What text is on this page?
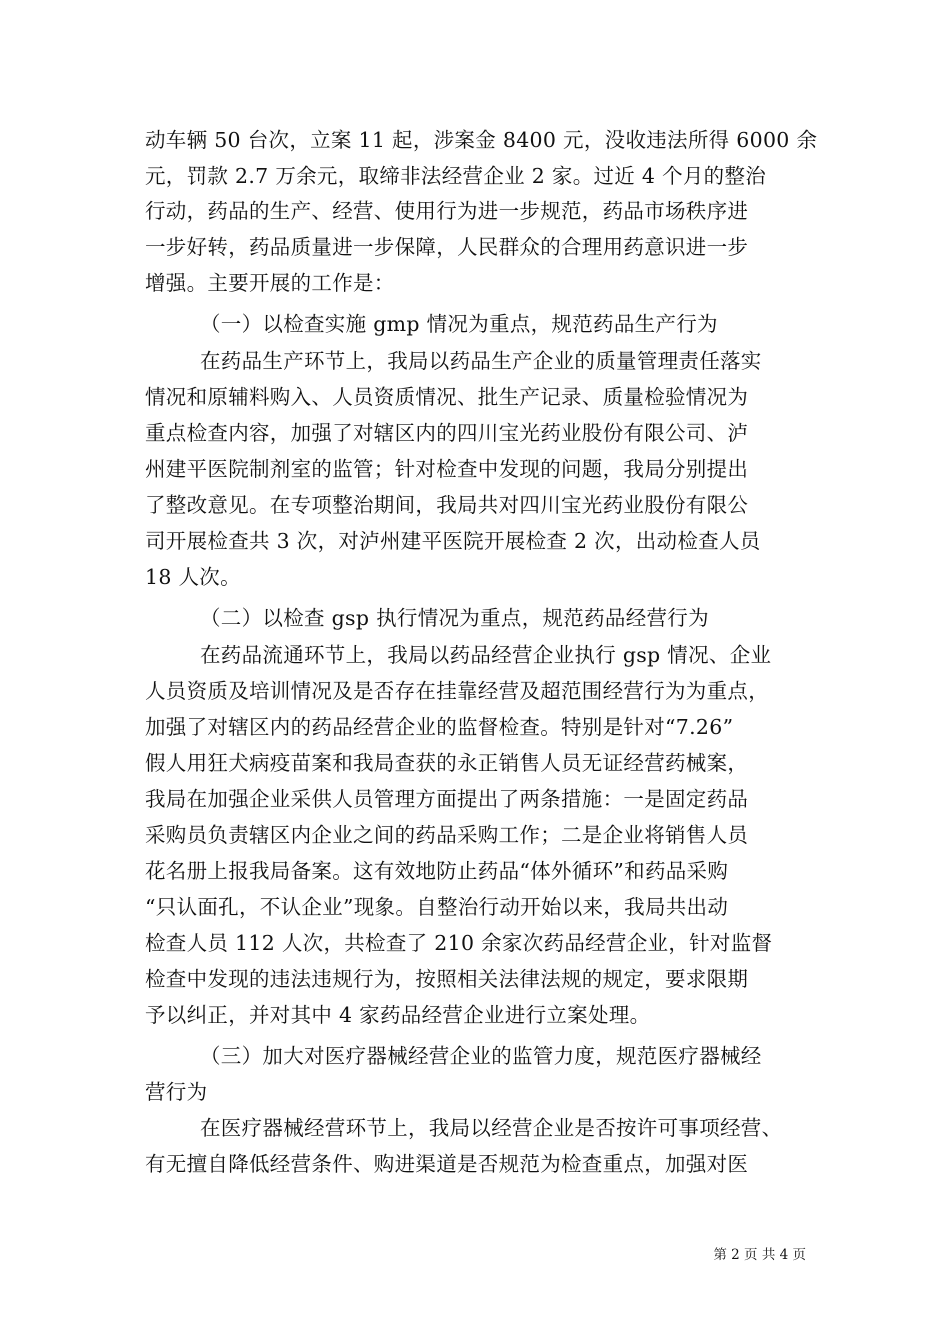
动车辆 50 台次，立案 11 起，涉案金 8400 元，没收违法所得 6000 余
元，罚款 2.7 万余元，取缔非法经营企业 2 家。过近 4 个月的整治
行动，药品的生产、经营、使用行为进一步规范，药品市场秩序进
一步好转，药品质量进一步保障，人民群众的合理用药意识进一步
增强。主要开展的工作是：
（一）以检查实施 gmp 情况为重点，规范药品生产行为
在药品生产环节上，我局以药品生产企业的质量管理责任落实
情况和原辅料购入、人员资质情况、批生产记录、质量检验情况为
重点检查内容，加强了对辖区内的四川宝光药业股份有限公司、泸
州建平医院制剂室的监管；针对检查中发现的问题，我局分别提出
了整改意见。在专项整治期间，我局共对四川宝光药业股份有限公
司开展检查共 3 次，对泸州建平医院开展检查 2 次，出动检查人员
18 人次。
（二）以检查 gsp 执行情况为重点，规范药品经营行为
在药品流通环节上，我局以药品经营企业执行 gsp 情况、企业
人员资质及培训情况及是否存在挂靠经营及超范围经营行为为重点，
加强了对辖区内的药品经营企业的监督检查。特别是针对“7.26”
假人用狂犬病疫苗案和我局查获的永正销售人员无证经营药械案，
我局在加强企业采供人员管理方面提出了两条措施：一是固定药品
采购员负责辖区内企业之间的药品采购工作；二是企业将销售人员
花名册上报我局备案。这有效地防止药品“体外循环”和药品采购
“只认面孔，不认企业”现象。自整治行动开始以来，我局共出动
检查人员 112 人次，共检查了 210 余家次药品经营企业，针对监督
检查中发现的违法违规行为，按照相关法律法规的规定，要求限期
予以纠正，并对其中 4 家药品经营企业进行立案处理。
（三）加大对医疗器械经营企业的监管力度，规范医疗器械经
营行为
在医疗器械经营环节上，我局以经营企业是否按许可事项经营、
有无擅自降低经营条件、购进渠道是否规范为检查重点，加强对医
第 2 页 共 4 页
